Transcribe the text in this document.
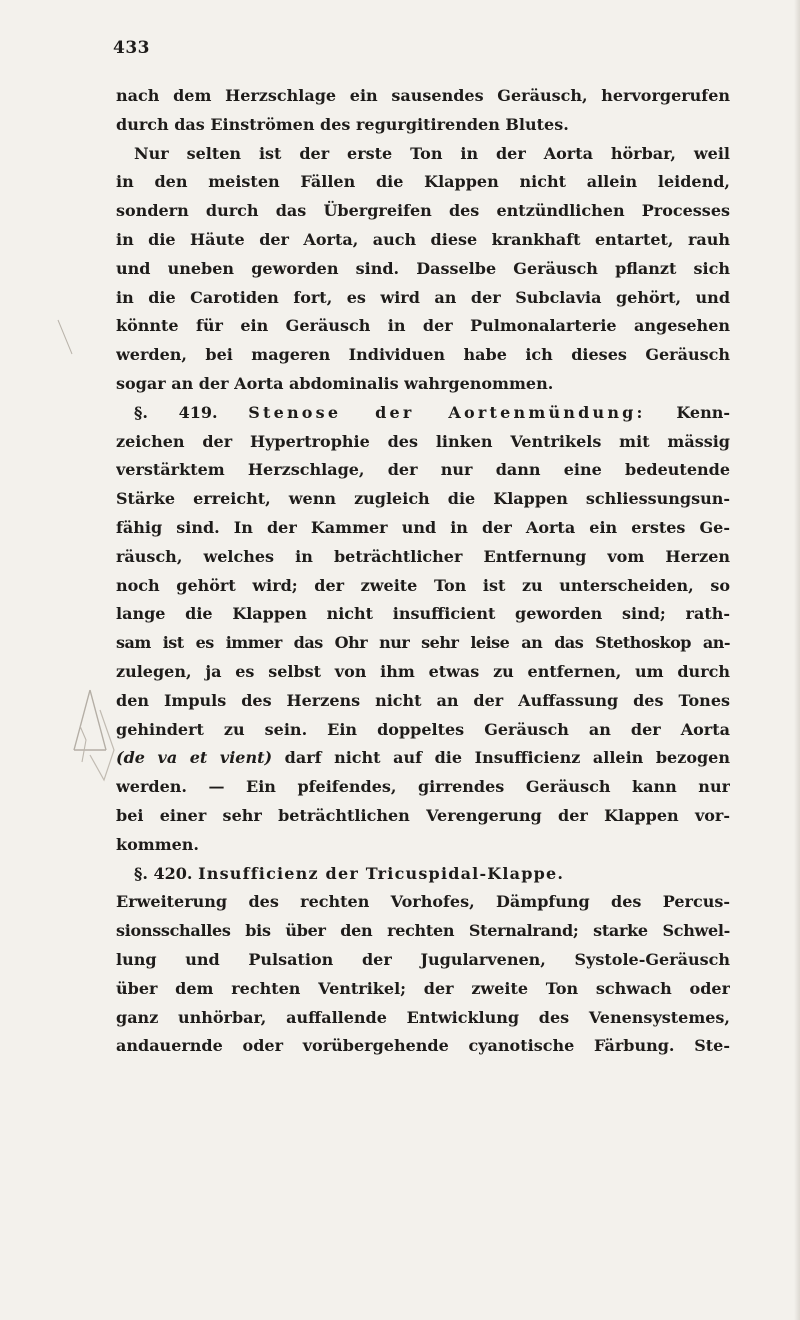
433
nach dem Herzschlage ein sausendes Geräusch, hervorgerufen
durch das Einströmen des regurgitirenden Blutes.
Nur selten ist der erste Ton in der Aorta hörbar, weil
in den meisten Fällen die Klappen nicht allein leidend,
sondern durch das Übergreifen des entzündlichen Processes
in die Häute der Aorta, auch diese krankhaft entartet, rauh
und uneben geworden sind. Dasselbe Geräusch pflanzt sich
in die Carotiden fort, es wird an der Subclavia gehört, und
könnte für ein Geräusch in der Pulmonalarterie angesehen
werden, bei mageren Individuen habe ich dieses Geräusch
sogar an der Aorta abdominalis wahrgenommen.
§. 419. Stenose der Aortenmündung: Kenn-
zeichen der Hypertrophie des linken Ventrikels mit mässig
verstärktem Herzschlage, der nur dann eine bedeutende
Stärke erreicht, wenn zugleich die Klappen schliessungsun-
fähig sind. In der Kammer und in der Aorta ein erstes Ge-
räusch, welches in beträchtlicher Entfernung vom Herzen
noch gehört wird; der zweite Ton ist zu unterscheiden, so
lange die Klappen nicht insufficient geworden sind; rath-
sam ist es immer das Ohr nur sehr leise an das Stethoskop an-
zulegen, ja es selbst von ihm etwas zu entfernen, um durch
den Impuls des Herzens nicht an der Auffassung des Tones
gehindert zu sein. Ein doppeltes Geräusch an der Aorta
(de va et vient) darf nicht auf die Insufficienz allein bezogen
werden. — Ein pfeifendes, girrendes Geräusch kann nur
bei einer sehr beträchtlichen Verengerung der Klappen vor-
kommen.
§. 420. Insufficienz der Tricuspidal-Klappe.
Erweiterung des rechten Vorhofes, Dämpfung des Percus-
sionsschalles bis über den rechten Sternalrand; starke Schwel-
lung und Pulsation der Jugularvenen, Systole-Geräusch
über dem rechten Ventrikel; der zweite Ton schwach oder
ganz unhörbar, auffallende Entwicklung des Venensystemes,
andauernde oder vorübergehende cyanotische Färbung. Ste-
